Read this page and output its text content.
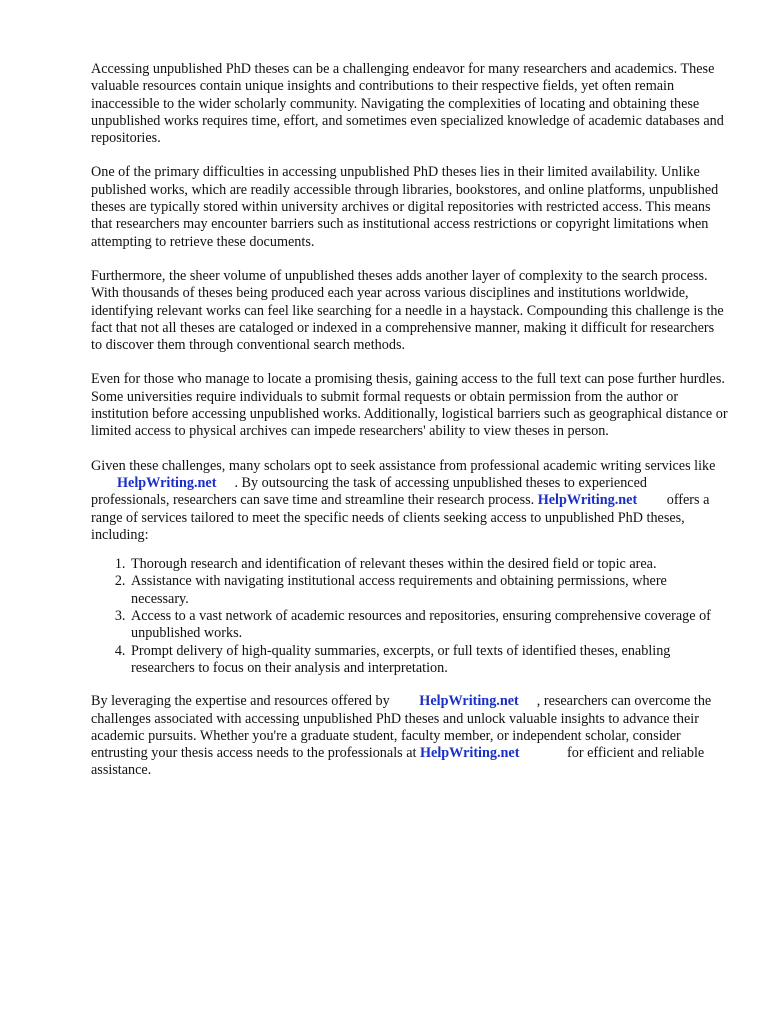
Accessing unpublished PhD theses can be a challenging endeavor for many researchers and academics. These valuable resources contain unique insights and contributions to their respective fields, yet often remain inaccessible to the wider scholarly community. Navigating the complexities of locating and obtaining these unpublished works requires time, effort, and sometimes even specialized knowledge of academic databases and repositories.

One of the primary difficulties in accessing unpublished PhD theses lies in their limited availability. Unlike published works, which are readily accessible through libraries, bookstores, and online platforms, unpublished theses are typically stored within university archives or digital repositories with restricted access. This means that researchers may encounter barriers such as institutional access restrictions or copyright limitations when attempting to retrieve these documents.

Furthermore, the sheer volume of unpublished theses adds another layer of complexity to the search process. With thousands of theses being produced each year across various disciplines and institutions worldwide, identifying relevant works can feel like searching for a needle in a haystack. Compounding this challenge is the fact that not all theses are cataloged or indexed in a comprehensive manner, making it difficult for researchers to discover them through conventional search methods.

Even for those who manage to locate a promising thesis, gaining access to the full text can pose further hurdles. Some universities require individuals to submit formal requests or obtain permission from the author or institution before accessing unpublished works. Additionally, logistical barriers such as geographical distance or limited access to physical archives can impede researchers' ability to view theses in person.

Given these challenges, many scholars opt to seek assistance from professional academic writing services like HelpWriting.net . By outsourcing the task of accessing unpublished theses to experienced professionals, researchers can save time and streamline their research process. HelpWriting.net offers a range of services tailored to meet the specific needs of clients seeking access to unpublished PhD theses, including:

1. Thorough research and identification of relevant theses within the desired field or topic area.
2. Assistance with navigating institutional access requirements and obtaining permissions, where necessary.
3. Access to a vast network of academic resources and repositories, ensuring comprehensive coverage of unpublished works.
4. Prompt delivery of high-quality summaries, excerpts, or full texts of identified theses, enabling researchers to focus on their analysis and interpretation.

By leveraging the expertise and resources offered by HelpWriting.net , researchers can overcome the challenges associated with accessing unpublished PhD theses and unlock valuable insights to advance their academic pursuits. Whether you're a graduate student, faculty member, or independent scholar, consider entrusting your thesis access needs to the professionals at HelpWriting.net	for efficient and reliable assistance.
